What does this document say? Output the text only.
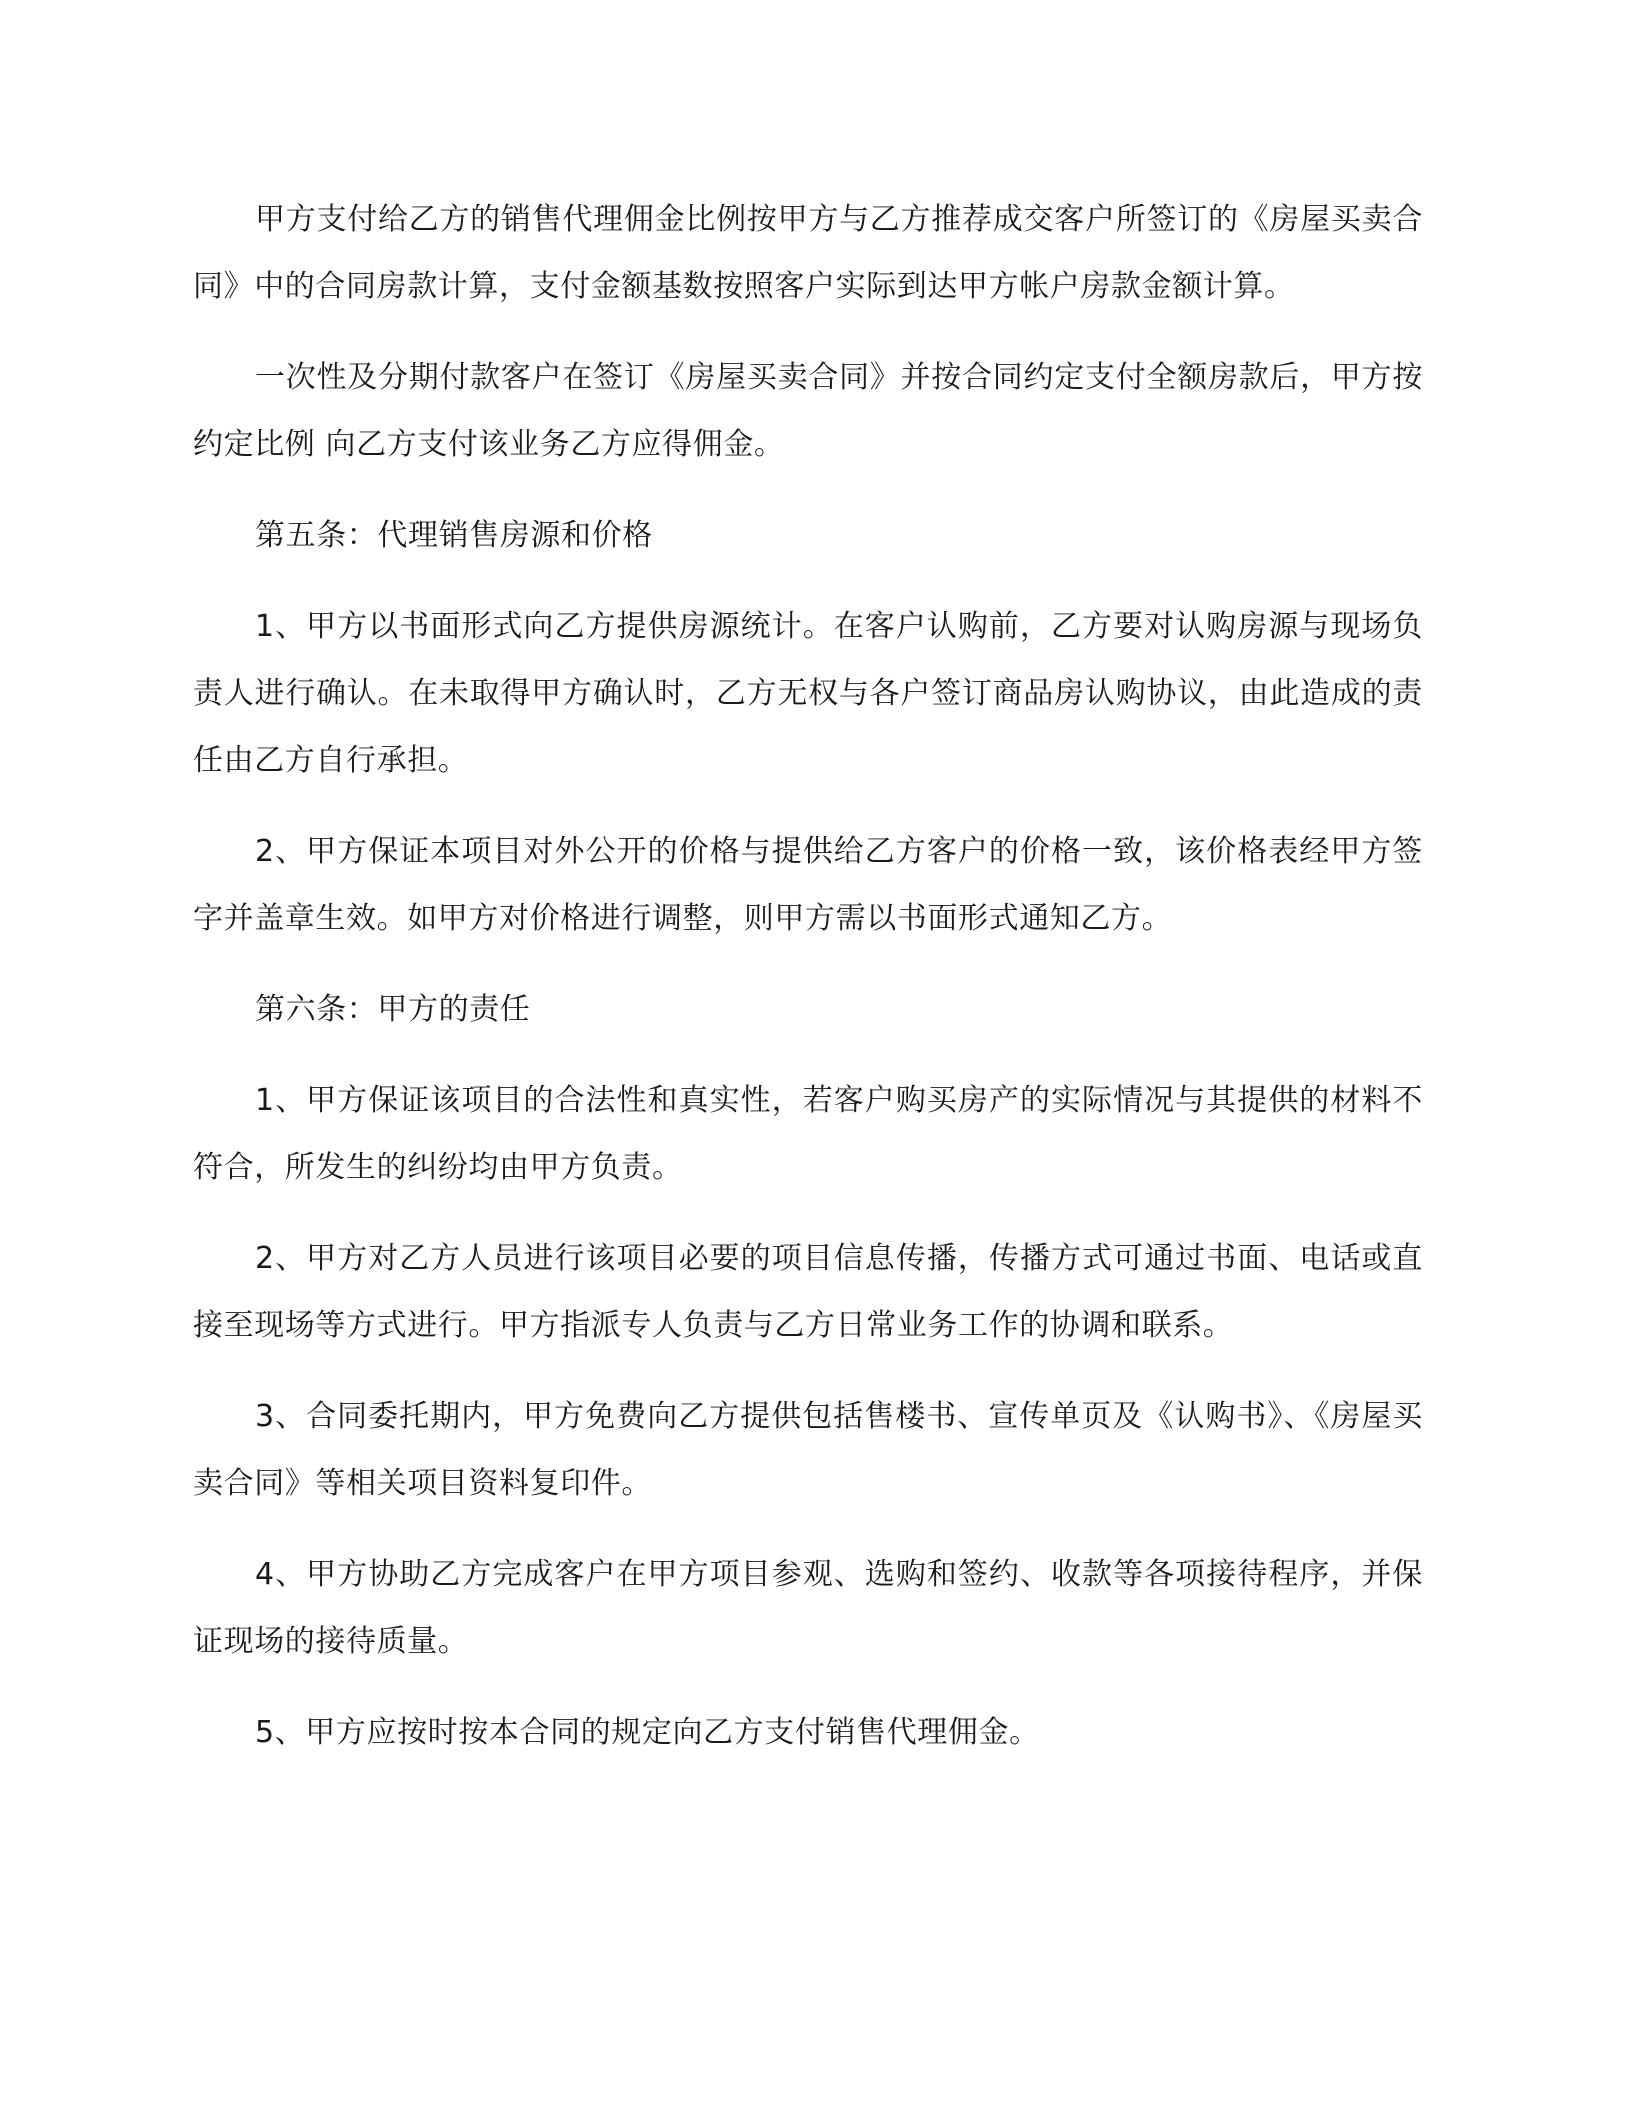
甲方支付给乙方的销售代理佣金比例按甲方与乙方推荐成交客户所签订的《房屋买卖合同》中的合同房款计算，支付金额基数按照客户实际到达甲方帐户房款金额计算。

一次性及分期付款客户在签订《房屋买卖合同》并按合同约定支付全额房款后，甲方按约定比例 向乙方支付该业务乙方应得佣金。

第五条：代理销售房源和价格

1、甲方以书面形式向乙方提供房源统计。在客户认购前，乙方要对认购房源与现场负责人进行确认。在未取得甲方确认时，乙方无权与各户签订商品房认购协议，由此造成的责任由乙方自行承担。

2、甲方保证本项目对外公开的价格与提供给乙方客户的价格一致，该价格表经甲方签字并盖章生效。如甲方对价格进行调整，则甲方需以书面形式通知乙方。

第六条：甲方的责任

1、甲方保证该项目的合法性和真实性，若客户购买房产的实际情况与其提供的材料不符合，所发生的纠纷均由甲方负责。

2、甲方对乙方人员进行该项目必要的项目信息传播，传播方式可通过书面、电话或直接至现场等方式进行。甲方指派专人负责与乙方日常业务工作的协调和联系。

3、合同委托期内，甲方免费向乙方提供包括售楼书、宣传单页及《认购书》、《房屋买卖合同》等相关项目资料复印件。

4、甲方协助乙方完成客户在甲方项目参观、选购和签约、收款等各项接待程序，并保证现场的接待质量。

5、甲方应按时按本合同的规定向乙方支付销售代理佣金。
